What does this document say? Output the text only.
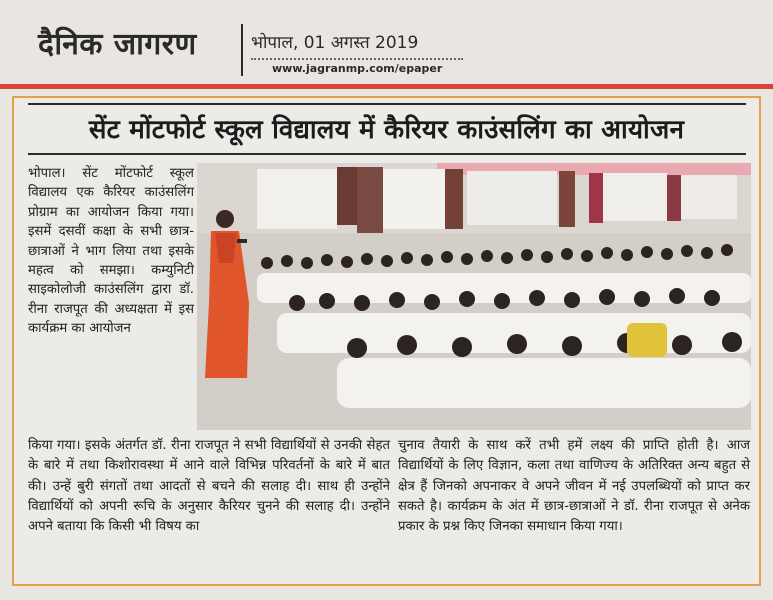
दैनिक जागरण	भोपाल, 01 अगस्त 2019
www.jagranmp.com/epaper
सेंट मोंटफोर्ट स्कूल विद्यालय में कैरियर काउंसलिंग का आयोजन
भोपाल। सेंट मोंटफोर्ट स्कूल विद्यालय एक कैरियर काउंसलिंग प्रोग्राम का आयोजन किया गया। इसमें दसवीं कक्षा के सभी छात्र-छात्राओं ने भाग लिया तथा इसके महत्व को समझा। कम्युनिटी साइकोलोजी काउंसलिंग द्वारा डॉ. रीना राजपूत की अध्यक्षता में इस कार्यक्रम का आयोजन
किया गया। इसके अंतर्गत डॉ. रीना राजपूत ने सभी विद्यार्थियों से उनकी सेहत के बारे में तथा किशोरावस्था में आने वाले विभिन्न परिवर्तनों के बारे में बात की। उन्हें बुरी संगतों तथा आदतों से बचने की सलाह दी। साथ ही उन्होंने विद्यार्थियों को अपनी रूचि के अनुसार कैरियर चुनने की सलाह दी। उन्होंने अपने बताया कि किसी भी विषय का
चुनाव तैयारी के साथ करें तभी हमें लक्ष्य की प्राप्ति होती है। आज विद्यार्थियों के लिए विज्ञान, कला तथा वाणिज्य के अतिरिक्त अन्य बहुत से क्षेत्र हैं जिनको अपनाकर वे अपने जीवन में नई उपलब्धियों को प्राप्त कर सकते है। कार्यक्रम के अंत में छात्र-छात्राओं ने डॉ. रीना राजपूत से अनेक प्रकार के प्रश्न किए जिनका समाधान किया गया।
